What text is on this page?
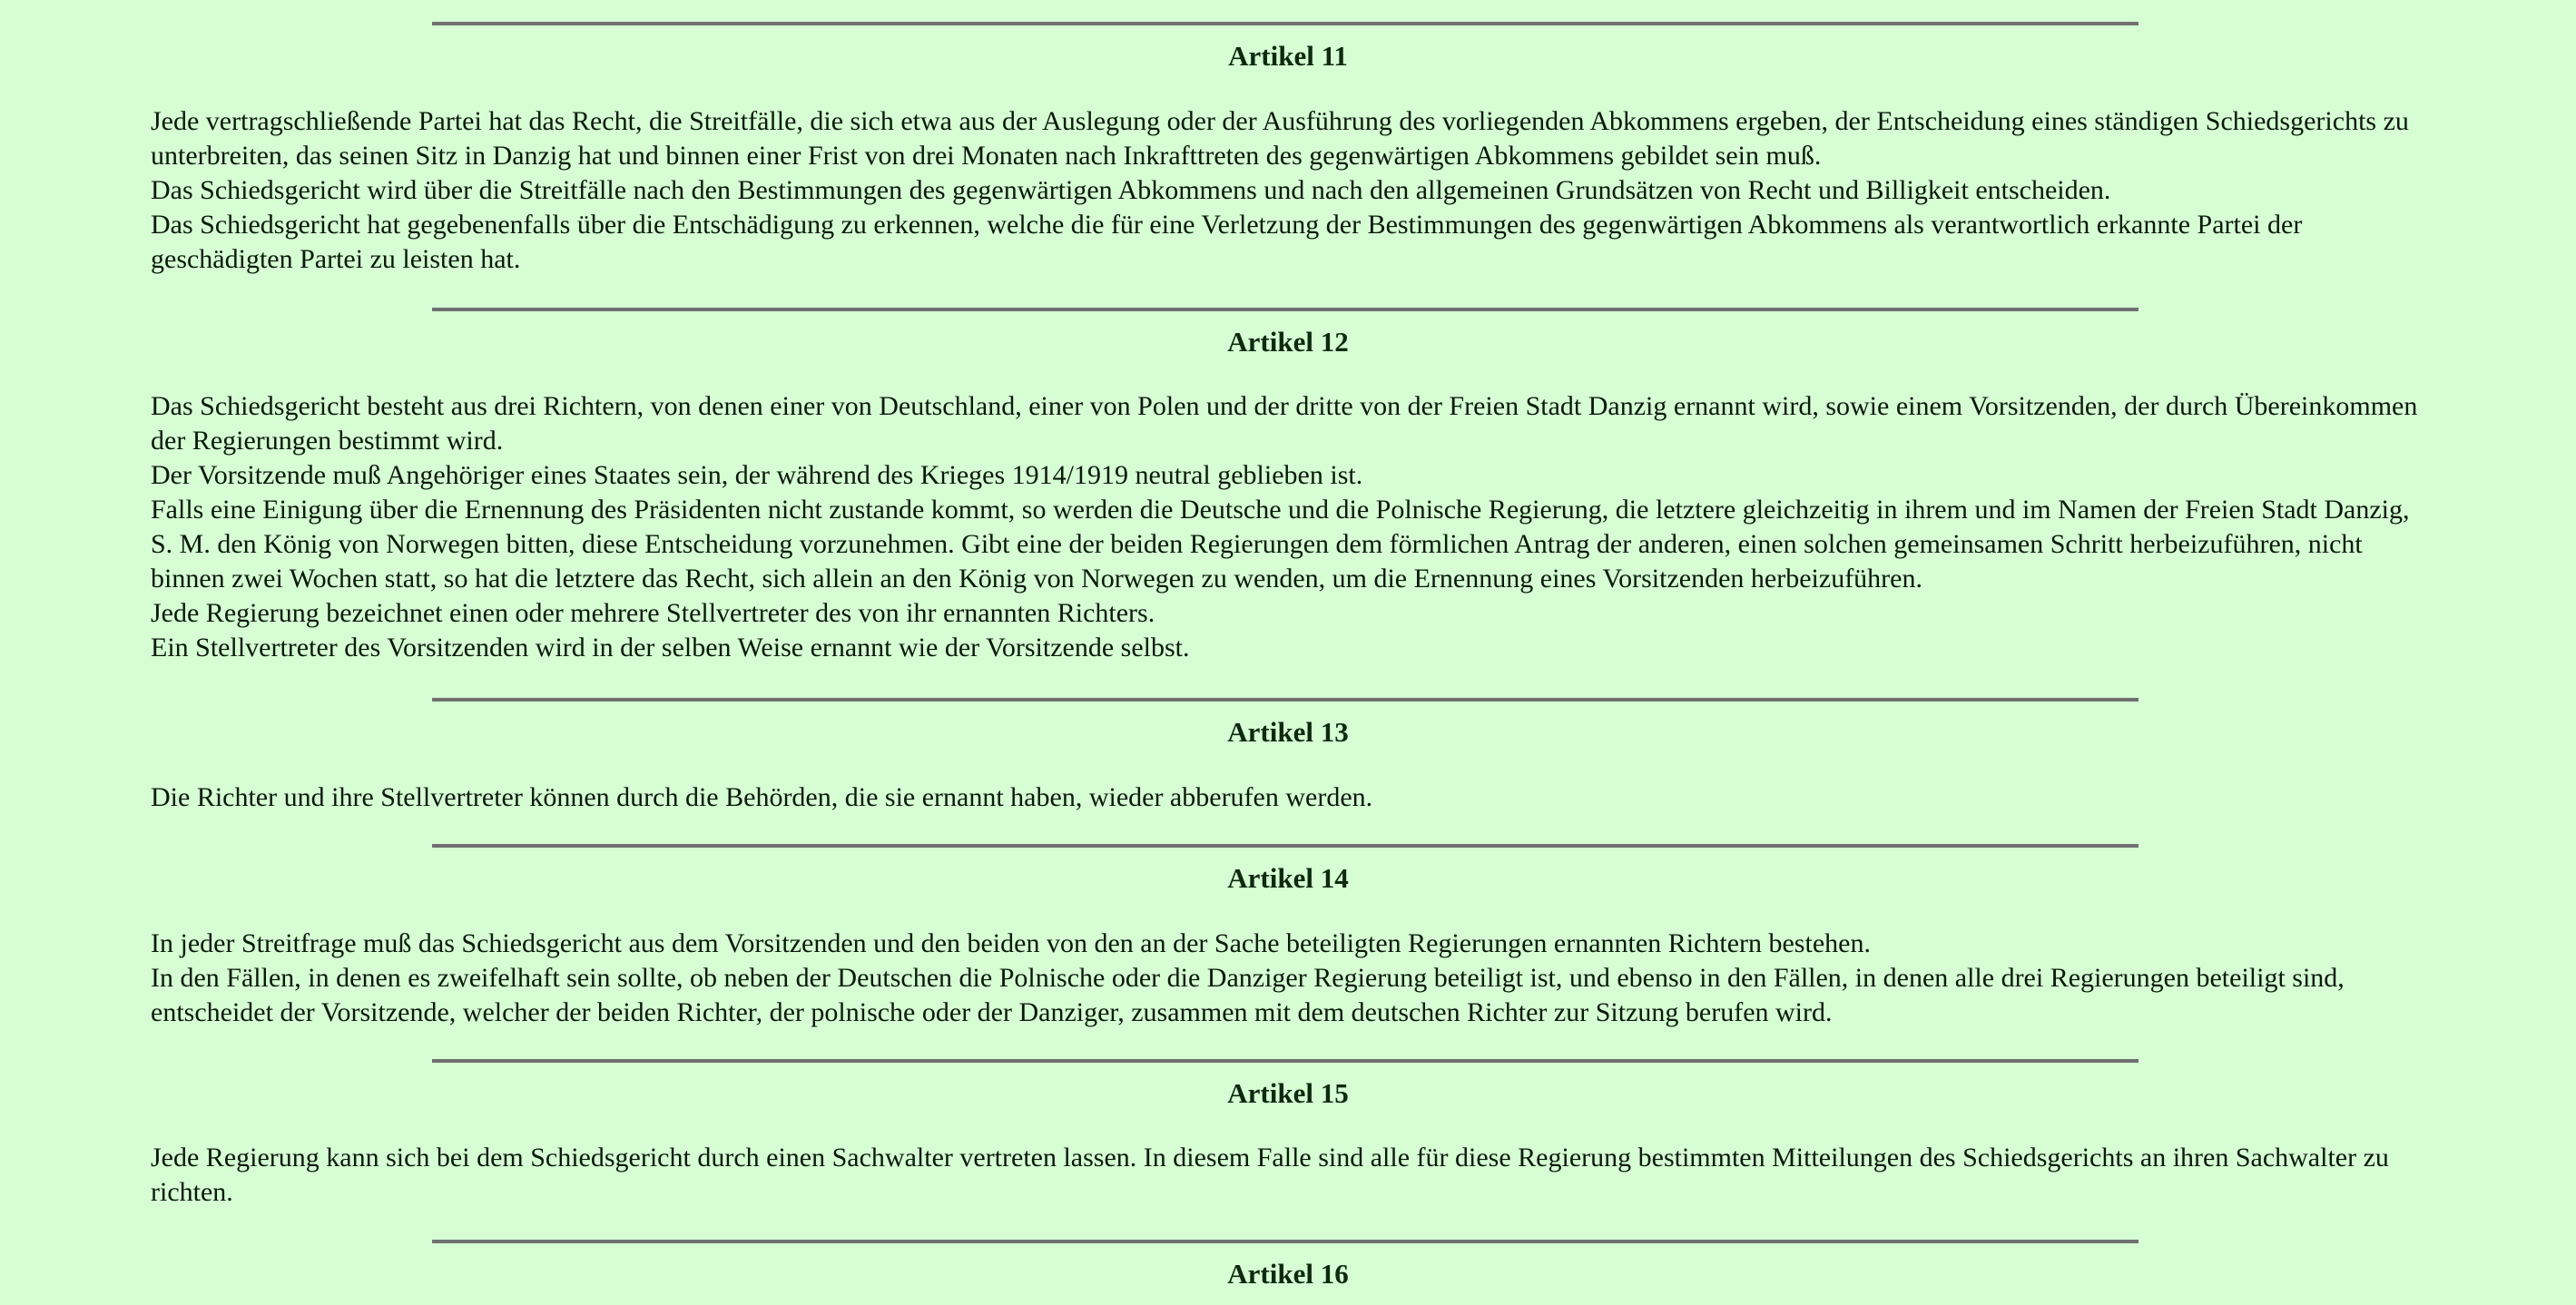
Artikel 11

Jede vertragschließende Partei hat das Recht, die Streitfälle, die sich etwa aus der Auslegung oder der Ausführung des vorliegenden Abkommens ergeben, der Entscheidung eines ständigen Schiedsgerichts zu unterbreiten, das seinen Sitz in Danzig hat und binnen einer Frist von drei Monaten nach Inkrafttreten des gegenwärtigen Abkommens gebildet sein muß.

Das Schiedsgericht wird über die Streitfälle nach den Bestimmungen des gegenwärtigen Abkommens und nach den allgemeinen Grundsätzen von Recht und Billigkeit entscheiden.

Das Schiedsgericht hat gegebenenfalls über die Entschädigung zu erkennen, welche die für eine Verletzung der Bestimmungen des gegenwärtigen Abkommens als verantwortlich erkannte Partei der geschädigten Partei zu leisten hat.

Artikel 12

Das Schiedsgericht besteht aus drei Richtern, von denen einer von Deutschland, einer von Polen und der dritte von der Freien Stadt Danzig ernannt wird, sowie einem Vorsitzenden, der durch Übereinkommen der Regierungen bestimmt wird.

Der Vorsitzende muß Angehöriger eines Staates sein, der während des Krieges 1914/1919 neutral geblieben ist.

Falls eine Einigung über die Ernennung des Präsidenten nicht zustande kommt, so werden die Deutsche und die Polnische Regierung, die letztere gleichzeitig in ihrem und im Namen der Freien Stadt Danzig, S. M. den König von Norwegen bitten, diese Entscheidung vorzunehmen. Gibt eine der beiden Regierungen dem förmlichen Antrag der anderen, einen solchen gemeinsamen Schritt herbeizuführen, nicht binnen zwei Wochen statt, so hat die letztere das Recht, sich allein an den König von Norwegen zu wenden, um die Ernennung eines Vorsitzenden herbeizuführen.

Jede Regierung bezeichnet einen oder mehrere Stellvertreter des von ihr ernannten Richters.

Ein Stellvertreter des Vorsitzenden wird in der selben Weise ernannt wie der Vorsitzende selbst.

Artikel 13

Die Richter und ihre Stellvertreter können durch die Behörden, die sie ernannt haben, wieder abberufen werden.

Artikel 14

In jeder Streitfrage muß das Schiedsgericht aus dem Vorsitzenden und den beiden von den an der Sache beteiligten Regierungen ernannten Richtern bestehen.

In den Fällen, in denen es zweifelhaft sein sollte, ob neben der Deutschen die Polnische oder die Danziger Regierung beteiligt ist, und ebenso in den Fällen, in denen alle drei Regierungen beteiligt sind, entscheidet der Vorsitzende, welcher der beiden Richter, der polnische oder der Danziger, zusammen mit dem deutschen Richter zur Sitzung berufen wird.

Artikel 15

Jede Regierung kann sich bei dem Schiedsgericht durch einen Sachwalter vertreten lassen. In diesem Falle sind alle für diese Regierung bestimmten Mitteilungen des Schiedsgerichts an ihren Sachwalter zu richten.

Artikel 16
